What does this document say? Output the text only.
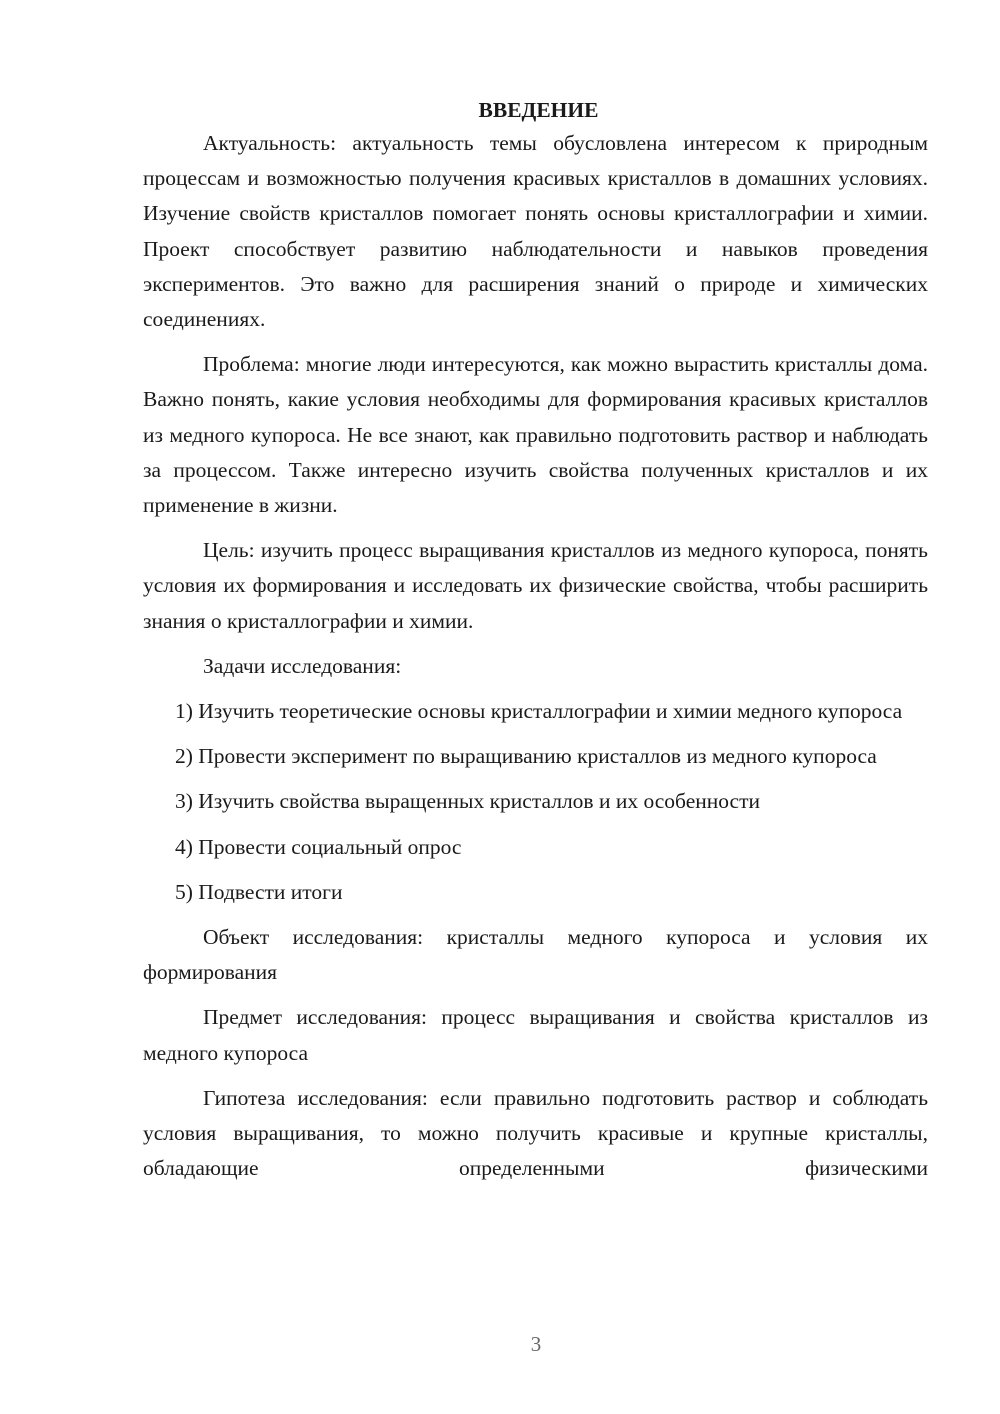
ВВЕДЕНИЕ

Актуальность: актуальность темы обусловлена интересом к природным процессам и возможностью получения красивых кристаллов в домашних условиях. Изучение свойств кристаллов помогает понять основы кристаллографии и химии. Проект способствует развитию наблюдательности и навыков проведения экспериментов. Это важно для расширения знаний о природе и химических соединениях.

Проблема: многие люди интересуются, как можно вырастить кристаллы дома. Важно понять, какие условия необходимы для формирования красивых кристаллов из медного купороса. Не все знают, как правильно подготовить раствор и наблюдать за процессом. Также интересно изучить свойства полученных кристаллов и их применение в жизни.

Цель: изучить процесс выращивания кристаллов из медного купороса, понять условия их формирования и исследовать их физические свойства, чтобы расширить знания о кристаллографии и химии.

Задачи исследования:

1) Изучить теоретические основы кристаллографии и химии медного купороса

2) Провести эксперимент по выращиванию кристаллов из медного купороса

3) Изучить свойства выращенных кристаллов и их особенности

4) Провести социальный опрос

5) Подвести итоги

Объект исследования: кристаллы медного купороса и условия их формирования

Предмет исследования: процесс выращивания и свойства кристаллов из медного купороса

Гипотеза исследования: если правильно подготовить раствор и соблюдать условия выращивания, то можно получить красивые и крупные кристаллы, обладающие определенными физическими

3
